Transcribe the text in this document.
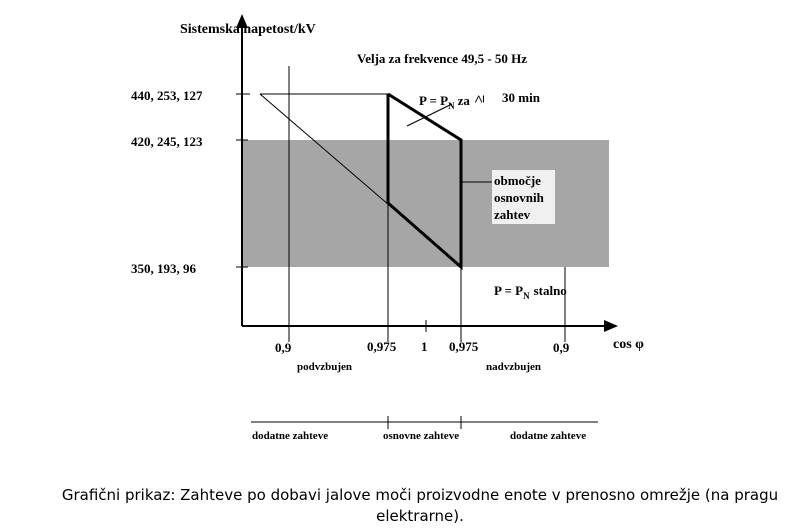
Sistemska napetost/kV
Velja za frekvence 49,5 - 50 Hz
440, 253, 127
420, 245, 123
350, 193, 96
$P = P_N$ za ≥ 30 min
območje
osnovnih
zahtev
$P = P_N$ stalno
0,9	0,975 1 0,975	0,9	cos φ
podvzbujen	nadvzbujen
dodatne zahteve	osnovne zahteve	dodatne zahteve
Grafični prikaz: Zahteve po dobavi jalove moči proizvodne enote v prenosno omrežje (na pragu elektrarne).
